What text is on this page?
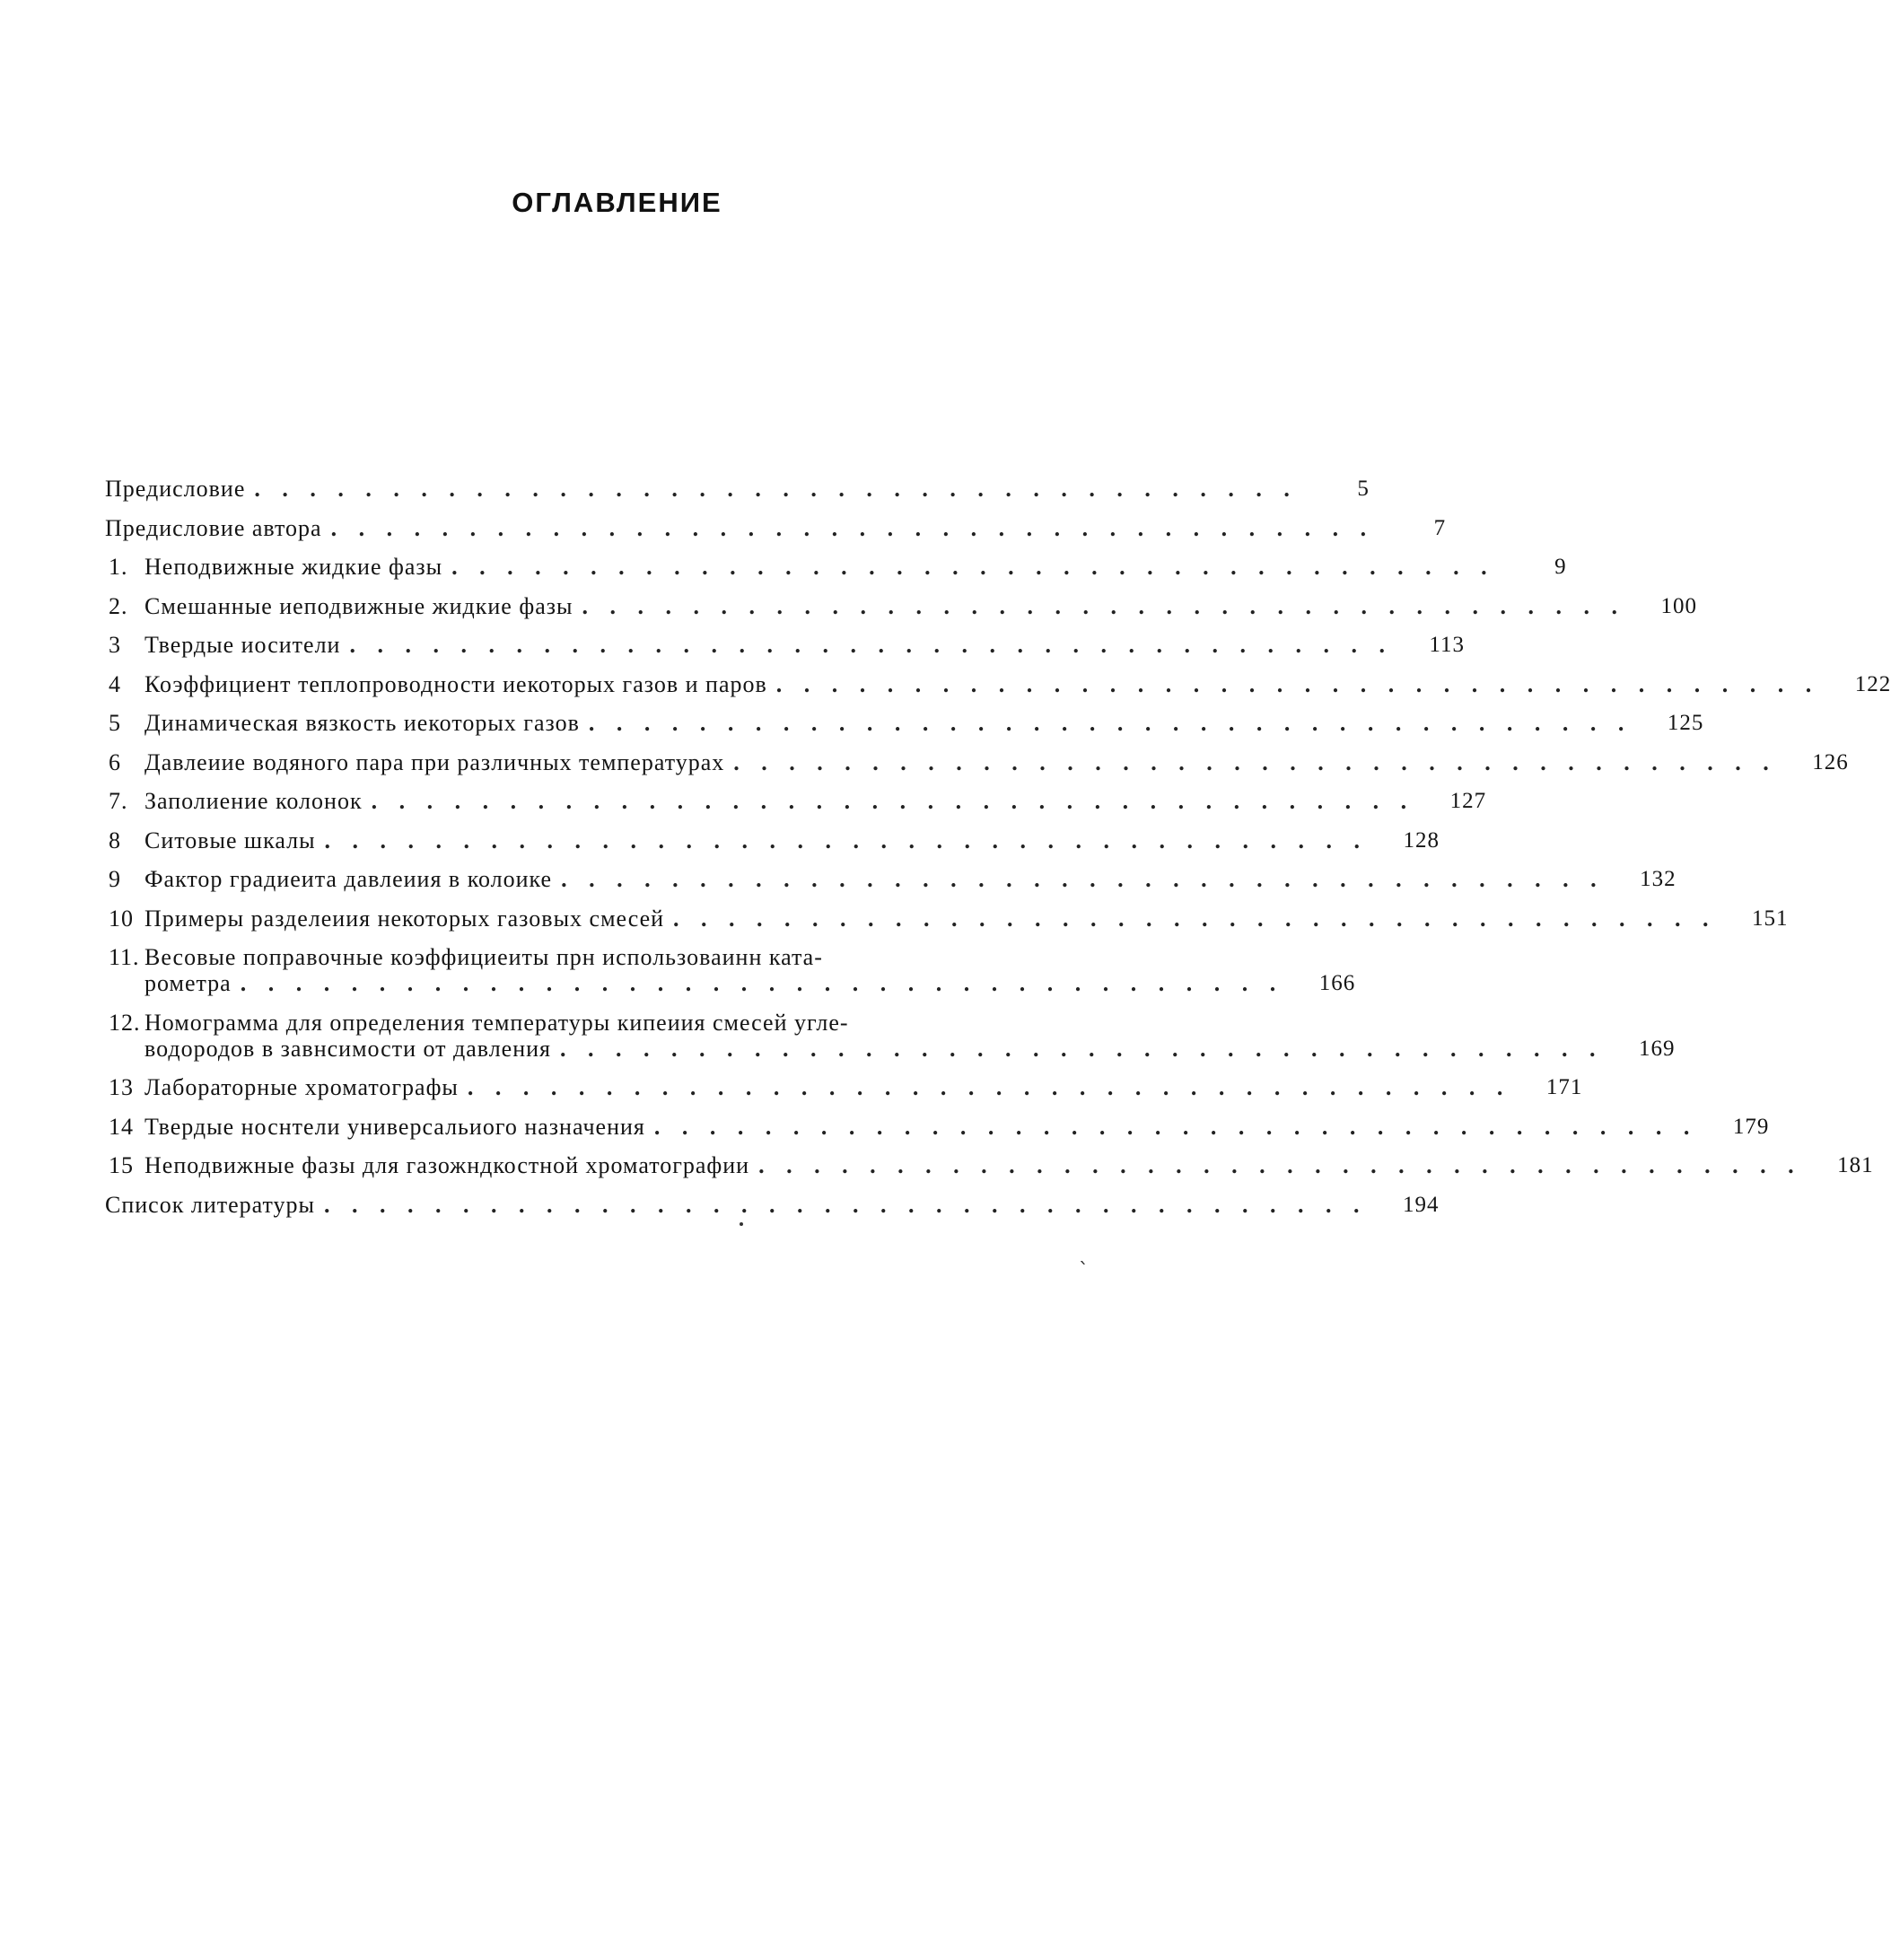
ОГЛАВЛЕНИЕ
Предисловие . . . . . . . . . . . . . . . . . . . . . . . . . . . . . . . . . . . . . .	5
Предисловие автора . . . . . . . . . . . . . . . . . . . . . . . . . . . . . . . . . . . . . .	7
1. Неподвижные жидкие фазы . . . . . . . . . . . . . . . . . . . . . . . . . . . . . . . . . . . . . .	9
2. Смешанные иеподвижные жидкие фазы . . . . . . . . . . . . . . . . . . . . . . . . . . . . . . . . . . . . . .	100
3	Твердые иосители . . . . . . . . . . . . . . . . . . . . . . . . . . . . . . . . . . . . . .	113
4	Коэффициент теплопроводности иекоторых газов и паров . . . . . . . . . . . . . . . . . . . . . . . . . . . . . . . . . . . . . .	122
5	Динамическая вязкость иекоторых газов . . . . . . . . . . . . . . . . . . . . . . . . . . . . . . . . . . . . . .	125
6	Давлеиие водяного пара при различных температурах . . . . . . . . . . . . . . . . . . . . . . . . . . . . . . . . . . . . . .	126
7. Заполиение колонок . . . . . . . . . . . . . . . . . . . . . . . . . . . . . . . . . . . . . .	127
8	Ситовые шкалы . . . . . . . . . . . . . . . . . . . . . . . . . . . . . . . . . . . . . .	128
9	Фактор градиеита давлеиия в колоике . . . . . . . . . . . . . . . . . . . . . . . . . . . . . . . . . . . . . .	132
10 Примеры разделеиия некоторых газовых смесей . . . . . . . . . . . . . . . . . . . . . . . . . . . . . . . . . . . . . .	151
11. Весовые поправочные коэффициеиты прн использоваинн ката-
рометра . . . . . . . . . . . . . . . . . . . . . . . . . . . . . . . . . . . . . .	166
12. Номограмма для определения температуры кипеиия смесей угле-
водородов в завнсимости от давления . . . . . . . . . . . . . . . . . . . . . . . . . . . . . . . . . . . . . .	169
13 Лабораторные хроматографы . . . . . . . . . . . . . . . . . . . . . . . . . . . . . . . . . . . . . .	171
14 Твердые носнтели универсальиого назначения . . . . . . . . . . . . . . . . . . . . . . . . . . . . . . . . . . . . . .	179
15 Неподвижные фазы для газожндкостной хроматографии . . . . . . . . . . . . . . . . . . . . . . . . . . . . . . . . . . . . . .	181
Список литературы . . . . . . . . . . . . . . . . . . . . . . . . . . . . . . . . . . . . . .	194
`
